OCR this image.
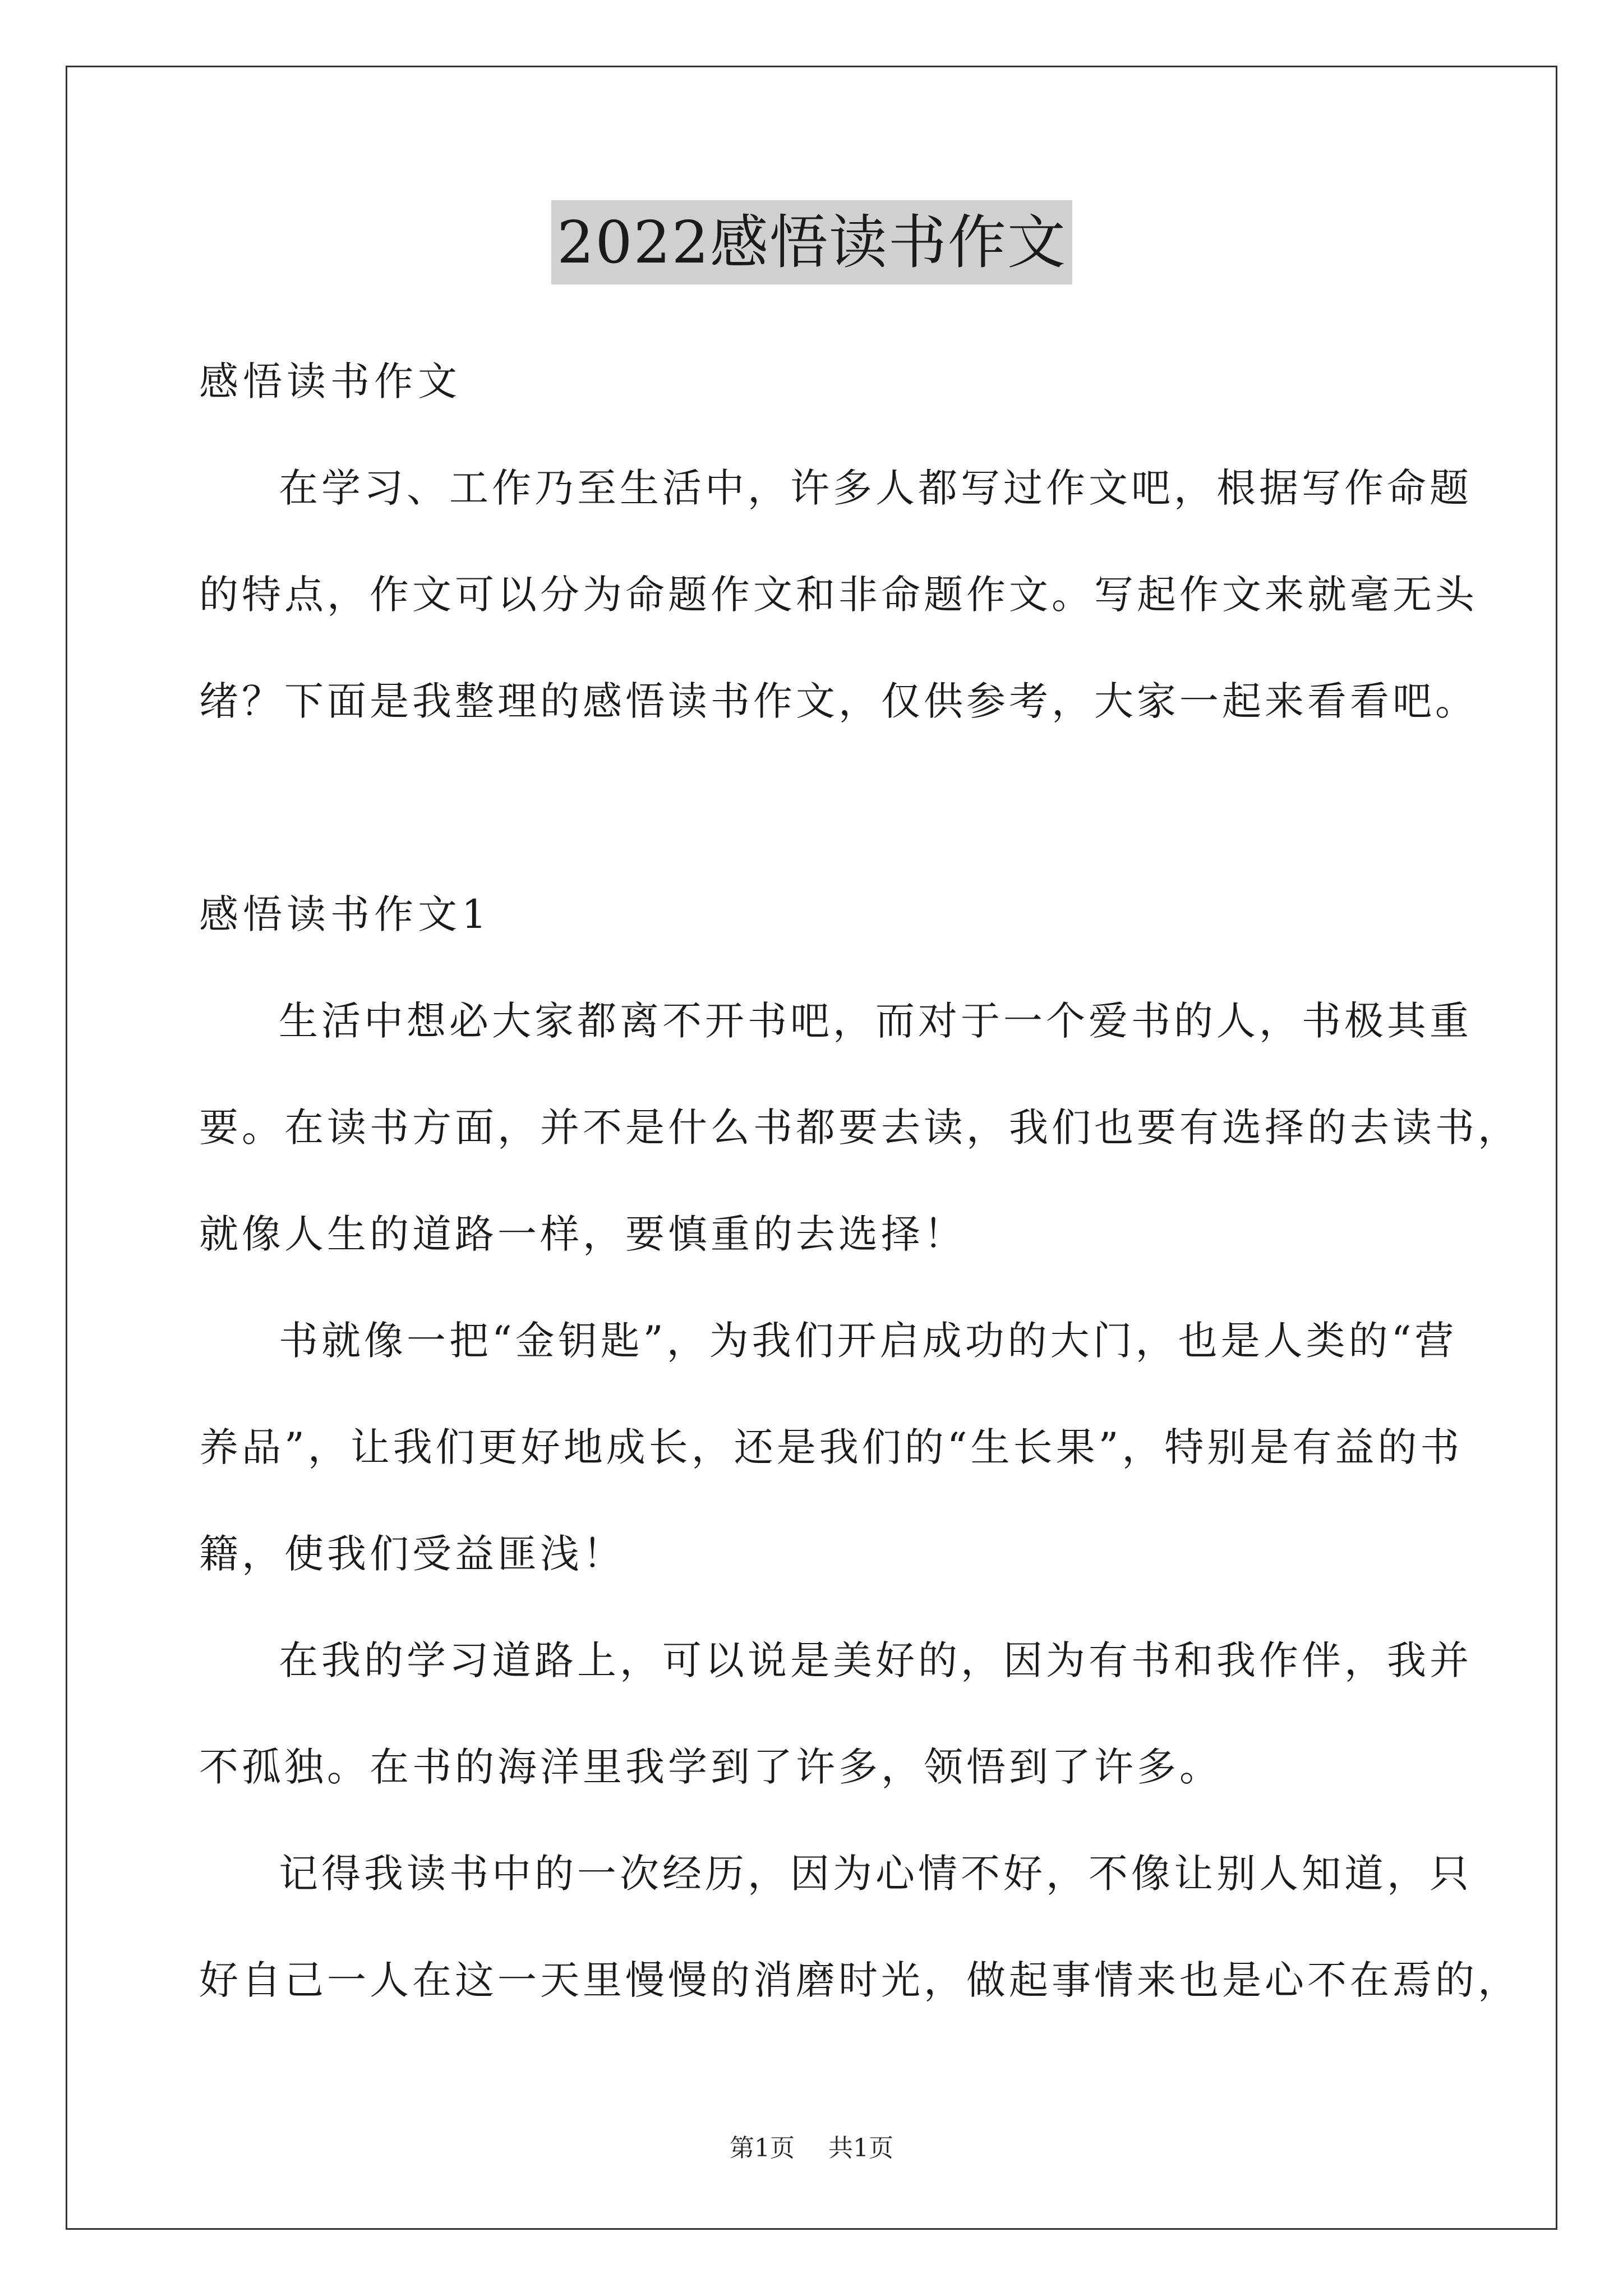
2022感悟读书作文
感悟读书作文
在学习、工作乃至生活中，许多人都写过作文吧，根据写作命题
的特点，作文可以分为命题作文和非命题作文。写起作文来就毫无头
绪？下面是我整理的感悟读书作文，仅供参考，大家一起来看看吧。
感悟读书作文1
生活中想必大家都离不开书吧，而对于一个爱书的人，书极其重
要。在读书方面，并不是什么书都要去读，我们也要有选择的去读书，
就像人生的道路一样，要慎重的去选择！
书就像一把“金钥匙”，为我们开启成功的大门，也是人类的“营
养品”，让我们更好地成长，还是我们的“生长果”，特别是有益的书
籍，使我们受益匪浅！
在我的学习道路上，可以说是美好的，因为有书和我作伴，我并
不孤独。在书的海洋里我学到了许多，领悟到了许多。
记得我读书中的一次经历，因为心情不好，不像让别人知道，只
好自己一人在这一天里慢慢的消磨时光，做起事情来也是心不在焉的，
第1页 共1页
